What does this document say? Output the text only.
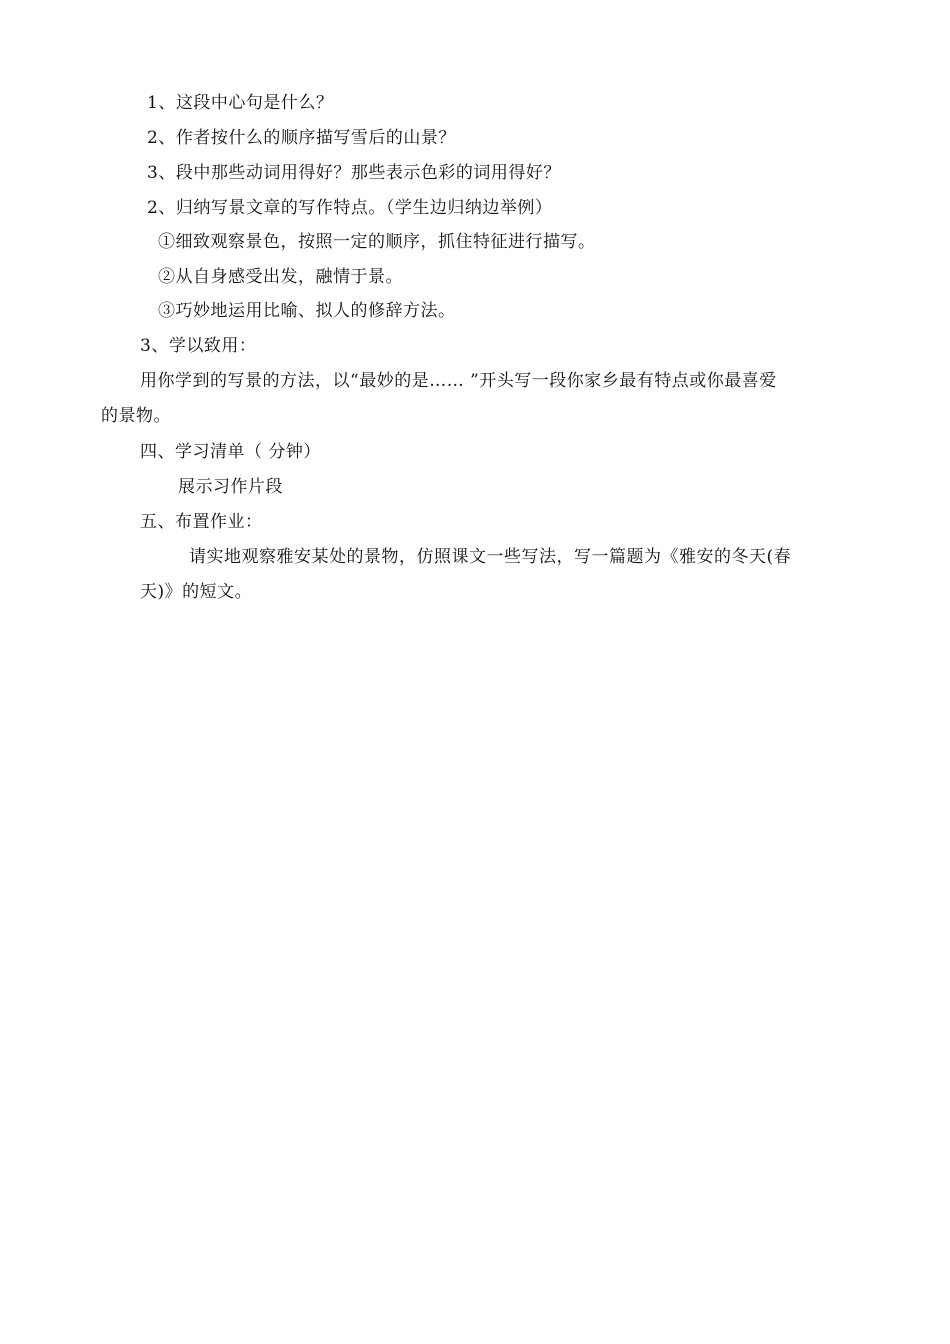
1、这段中心句是什么？
2、作者按什么的顺序描写雪后的山景？
3、段中那些动词用得好？那些表示色彩的词用得好？
2、归纳写景文章的写作特点。（学生边归纳边举例）
①细致观察景色，按照一定的顺序，抓住特征进行描写。
②从自身感受出发，融情于景。
③巧妙地运用比喻、拟人的修辞方法。
3、学以致用：
用你学到的写景的方法，以“最妙的是…… ”开头写一段你家乡最有特点或你最喜爱
的景物。
四、学习清单（ 分钟）
展示习作片段
五、布置作业：
请实地观察雅安某处的景物，仿照课文一些写法，写一篇题为《雅安的冬天(春
天)》的短文。
